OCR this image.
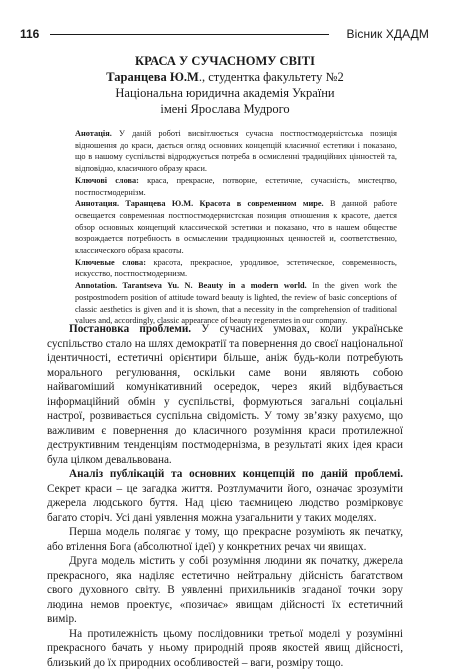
116	Вісник ХДАДМ
КРАСА У СУЧАСНОМУ СВІТІ
Таранцева Ю.М., студентка факультету №2
Національна юридична академія України
імені Ярослава Мудрого

Анотація. У даній роботі висвітлюється сучасна постпостмодерністська позиція відношення до краси, дається огляд основних концепцій класичної естетики і показано, що в нашому суспільстві відроджується потреба в осмисленні традиційних цінностей та, відповідно, класичного образу краси.

Ключові слова: краса, прекрасне, потворне, естетичне, сучасність, мистецтво, постпостмодернізм.

Аннотация. Таранцева Ю.М. Красота в современном мире. В данной работе освещается современная постпостмодернистская позиция отношения к красоте, дается обзор основных концепций классической эстетики и показано, что в нашем обществе возрождается потребность в осмыслении традиционных ценностей и, соответственно, классического образа красоты.

Ключевые слова: красота, прекрасное, уродливое, эстетическое, современность, искусство, постпостмодернизм.

Annotation. Tarantseva Yu. N. Beauty in a modern world. In the given work the postpostmodern position of attitude toward beauty is lighted, the review of basic conceptions of classic aesthetics is given and it is shown, that a necessity in the comprehension of traditional values and, accordingly, classic appearance of beauty regenerates in our company.

Постановка проблеми. У сучасних умовах, коли українське суспільство стало на шлях демократії та повернення до своєї національної ідентичності, естетичні орієнтири більше, аніж будь-коли потребують морального регулювання, оскільки саме вони являють собою найвагоміший комунікативний осередок, через який відбувається інформаційний обмін у суспільстві, формуються загальні соціальні настрої, розвивається суспільна свідомість. У тому зв’язку рахуємо, що важливим є повернення до класичного розуміння краси протилежної деструктивним тенденціям постмодернізма, в результаті яких ідея краси була цілком девальвована.

Аналіз публікацій та основних концепцій по даній проблемі. Секрет краси – це загадка життя. Розтлумачити його, означає зрозуміти джерела людського буття. Над цією таємницею людство розмірковує багато сторіч. Усі дані уявлення можна узагальнити у таких моделях.

Перша модель полягає у тому, що прекрасне розуміють як печатку, або втілення Бога (абсолютної ідеї) у конкретних речах чи явищах.

Друга модель містить у собі розуміння людини як початку, джерела прекрасного, яка наділяє естетично нейтральну дійсність багатством свого духовного світу. В уявленні прихильників згаданої точки зору людина немов проектує, «позичає» явищам дійсності їх естетичний вимір.

На протилежність цьому послідовники третьої моделі у розумінні прекрасного бачать у ньому природній прояв якостей явищ дійсності, близький до їх природних особливостей – ваги, розміру тощо.
